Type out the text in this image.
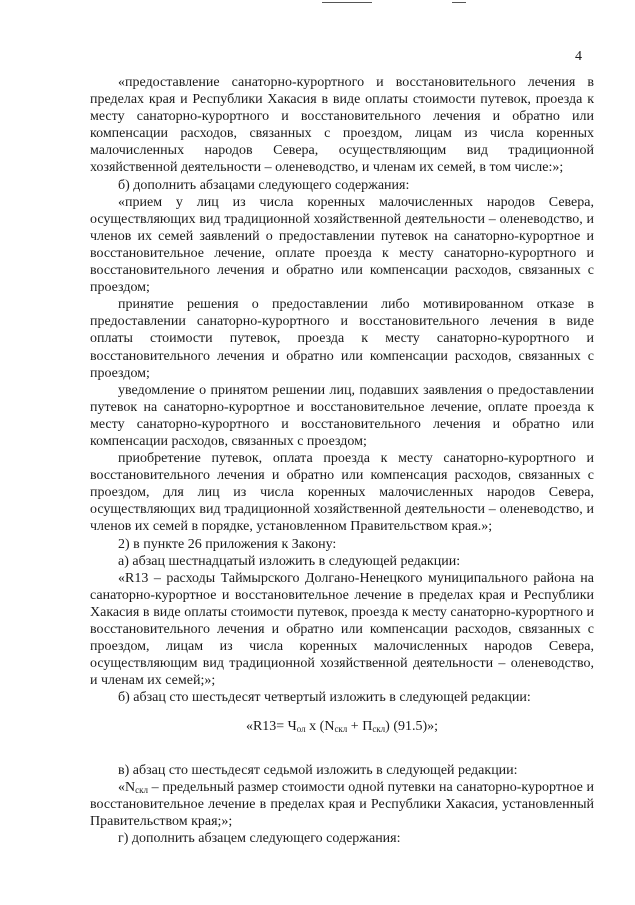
4

«предоставление санаторно-курортного и восстановительного лечения в пределах края и Республики Хакасия в виде оплаты стоимости путевок, проезда к месту санаторно-курортного и восстановительного лечения и обратно или компенсации расходов, связанных с проездом, лицам из числа коренных малочисленных народов Севера, осуществляющим вид традиционной хозяйственной деятельности – оленеводство, и членам их семей, в том числе:»;

б) дополнить абзацами следующего содержания:

«прием у лиц из числа коренных малочисленных народов Севера, осуществляющих вид традиционной хозяйственной деятельности – оленеводство, и членов их семей заявлений о предоставлении путевок на санаторно-курортное и восстановительное лечение, оплате проезда к месту санаторно-курортного и восстановительного лечения и обратно или компенсации расходов, связанных с проездом;

принятие решения о предоставлении либо мотивированном отказе в предоставлении санаторно-курортного и восстановительного лечения в виде оплаты стоимости путевок, проезда к месту санаторно-курортного и восстановительного лечения и обратно или компенсации расходов, связанных с проездом;

уведомление о принятом решении лиц, подавших заявления о предоставлении путевок на санаторно-курортное и восстановительное лечение, оплате проезда к месту санаторно-курортного и восстановительного лечения и обратно или компенсации расходов, связанных с проездом;

приобретение путевок, оплата проезда к месту санаторно-курортного и восстановительного лечения и обратно или компенсация расходов, связанных с проездом, для лиц из числа коренных малочисленных народов Севера, осуществляющих вид традиционной хозяйственной деятельности – оленеводство, и членов их семей в порядке, установленном Правительством края.»;

2) в пункте 26 приложения к Закону:

а) абзац шестнадцатый изложить в следующей редакции:

«R13 – расходы Таймырского Долгано-Ненецкого муниципального района на санаторно-курортное и восстановительное лечение в пределах края и Республики Хакасия в виде оплаты стоимости путевок, проезда к месту санаторно-курортного и восстановительного лечения и обратно или компенсации расходов, связанных с проездом, лицам из числа коренных малочисленных народов Севера, осуществляющим вид традиционной хозяйственной деятельности – оленеводство, и членам их семей;»;

б) абзац сто шестьдесят четвертый изложить в следующей редакции:

«$R13= Ч_{ол}$ x $(N_{скл} + П_{скл})$ (91.5)»;

в) абзац сто шестьдесят седьмой изложить в следующей редакции:

«$N_{скл}$ – предельный размер стоимости одной путевки на санаторно-курортное и восстановительное лечение в пределах края и Республики Хакасия, установленный Правительством края;»;

г) дополнить абзацем следующего содержания:
